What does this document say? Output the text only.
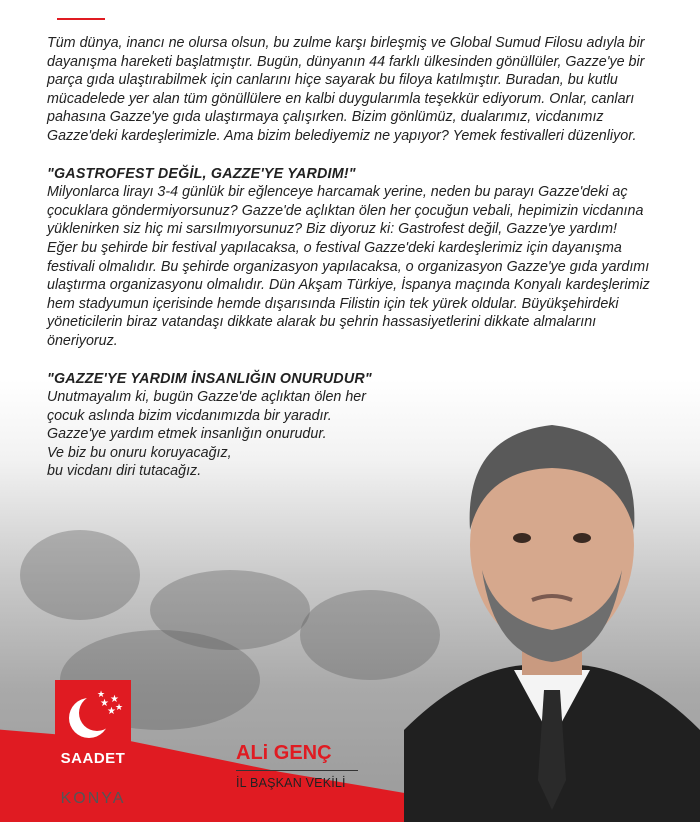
Tüm dünya, inancı ne olursa olsun, bu zulme karşı birleşmiş ve Global Sumud Filosu adıyla bir dayanışma hareketi başlatmıştır. Bugün, dünyanın 44 farklı ülkesinden gönüllüler, Gazze'ye bir parça gıda ulaştırabilmek için canlarını hiçe sayarak bu filoya katılmıştır. Buradan, bu kutlu mücadelede yer alan tüm gönüllülere en kalbi duygularımla teşekkür ediyorum. Onlar, canları pahasına Gazze'ye gıda ulaştırmaya çalışırken. Bizim gönlümüz, dualarımız, vicdanımız Gazze'deki kardeşlerimizle. Ama bizim belediyemiz ne yapıyor? Yemek festivalleri düzenliyor.

"GASTROFEST DEĞİL, GAZZE'YE YARDIM!"

Milyonlarca lirayı 3-4 günlük bir eğlenceye harcamak yerine, neden bu parayı Gazze'deki aç çocuklara göndermiyorsunuz? Gazze'de açlıktan ölen her çocuğun vebali, hepimizin vicdanına yüklenirken siz hiç mi sarsılmıyorsunuz? Biz diyoruz ki: Gastrofest değil, Gazze'ye yardım!

Eğer bu şehirde bir festival yapılacaksa, o festival Gazze'deki kardeşlerimiz için dayanışma festivali olmalıdır. Bu şehirde organizasyon yapılacaksa, o organizasyon Gazze'ye gıda yardımı ulaştırma organizasyonu olmalıdır. Dün Akşam Türkiye, İspanya maçında Konyalı kardeşlerimiz hem stadyumun içerisinde hemde dışarısında Filistin için tek yürek oldular. Büyükşehirdeki yöneticilerin biraz vatandaşı dikkate alarak bu şehrin hassasiyetlerini dikkate almalarını öneriyoruz.

"GAZZE'YE YARDIM İNSANLIĞIN ONURUDUR"

Unutmayalım ki, bugün Gazze'de açlıktan ölen her

çocuk aslında bizim vicdanımızda bir yaradır.

Gazze'ye yardım etmek insanlığın onurudur.

Ve biz bu onuru koruyacağız,

bu vicdanı diri tutacağız.

★ ★
★
★
★
SAADET
KONYA
ALi GENÇ
İL BAŞKAN VEKİLİ
